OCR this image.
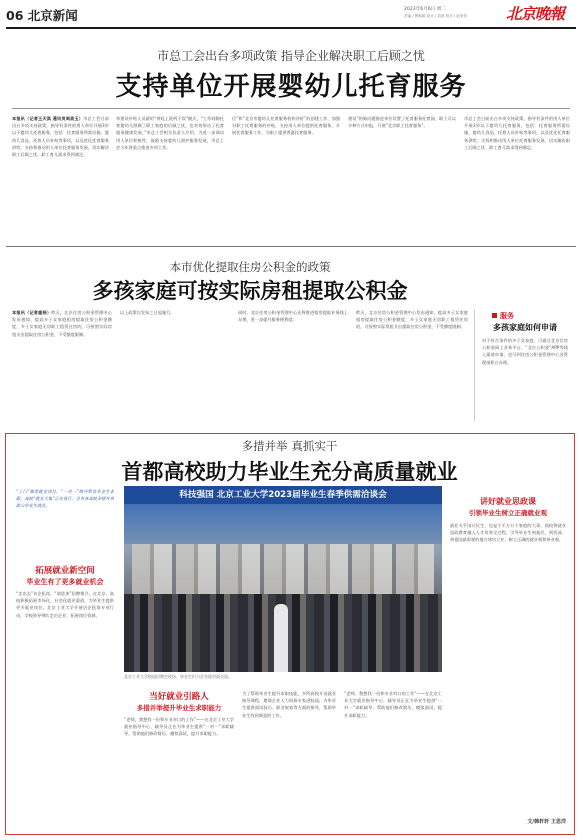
06 北京新闻	2023年6月6日 周二
责编 / 鲁熙娟 设计 / 刘谊 校对 / 赵荣荣	北京晚報
市总工会出台多项政策 指导企业解决职工后顾之忧
支持单位开展婴幼儿托育服务
本报讯（记者王天淇 通讯员周美玉）市总工会日前出台多项支持政策，指导有条件的用人单位开展3岁以下婴幼儿托育服务，包括：托育服务所需设施、婴幼儿食品、托育人员补贴等事项，以及优化托育服务供给，支持和推动用人单位托育服务发展，切实解决职工后顾之忧。职工育儿需求得到满足。
举建设补贴人员薪的“带娃上班两不误”模式，“工作间隙托育婴幼儿照顾了职工家庭的后顾之忧，也有效带动了托育服务健康发展。”市总工会相关负责人介绍，为进一步调动用人单位积极性，鼓励支持婴幼儿照护服务发展，市总工会今年将重点推进多项工作。
位”和“北京市婴幼儿托育服务机构评价”的创建工作，加强对职工托育服务的补贴，支持用人单位提供托育服务，开展托育服务工作，为职工提供普惠托育服务。
建设”的新问题推进单位设置了托育服务托育园，职工可以多种方式申报，开展“北京职工托育服务”。
市总工会日前出台多项支持政策，指导有条件的用人单位开展3岁以下婴幼儿托育服务，包括：托育服务所需设施、婴幼儿食品、托育人员补贴等事项，以及优化托育服务供给，支持和推动用人单位托育服务发展，切实解决职工后顾之忧。职工育儿需求得到满足。
本市优化提取住房公积金的政策
多孩家庭可按实际房租提取公积金
本报讯（记者鹿杨）昨天，北京住房公积金管理中心发布通知，提高多子女家庭租房提取住房公积金额度，多子女家庭无房职工租赁住房的，可按照实际房租支出提取住房公积金，不受额度限制。
以上政策自发布之日起施行。	同时，北京住房公积金管理中心还将推进租房提取业务线上办理，进一步提升服务便利度。
昨天，北京住房公积金管理中心发布通知，提高多子女家庭租房提取住房公积金额度，多子女家庭无房职工租赁住房的，可按照实际房租支出提取住房公积金，不受额度限制。
服务
多孩家庭如何申请
对于符合条件的多子女家庭，可通过北京住房公积金网上业务平台、“北京公积金”APP等线上渠道申请，也可到住房公积金管理中心各管理部柜台办理。
多措并举 真抓实干
首都高校助力毕业生充分高质量就业
“上门”推荐就业岗位，“一对一”指导帮扶毕业生求职，高校“就业大集”正在进行，全市各高校多措并举助力毕业生就业。
拓展就业新空间
毕业生有了更多就业机会
“走出去”访企拓岗，“请进来”招聘推介。在北京，高校积极拓展市场化、社会化就业渠道，为毕业生提供更多就业岗位。北京工业大学开展访企拓岗专项行动，学校领导带队走访企业，拓展岗位资源。
科技强国 北京工业大学2023届毕业生春季供需洽谈会
北京工业大学校园招聘会现场，毕业生们与企业面对面交流。
当好就业引路人
多措并举提升毕业生求职能力
“老师，我想找一份和专业对口的工作”——在北京工业大学就业指导中心，辅导员正在为毕业生提供“一对一”求职辅导，帮助他们修改简历、模拟面试，提升求职能力。
为了帮助毕业生提升求职技能，多所高校开设就业指导课程，邀请企业人力资源专家进校园，为毕业生提供面试技巧、职业规划等方面的指导，帮助毕业生找到满意的工作。
“老师，我想找一份和专业对口的工作”——在北京工业大学就业指导中心，辅导员正在为毕业生提供“一对一”求职辅导，帮助他们修改简历、模拟面试，提升求职能力。
讲好就业思政课
引领毕业生树立正确就业观
就业关乎国计民生，也是千千万万个家庭的大事。高校将就业思政教育融入人才培养全过程，引导毕业生到基层、到西部、到祖国最需要的地方建功立业，树立正确的就业观和择业观。
文/韩轩轩 王思洋
